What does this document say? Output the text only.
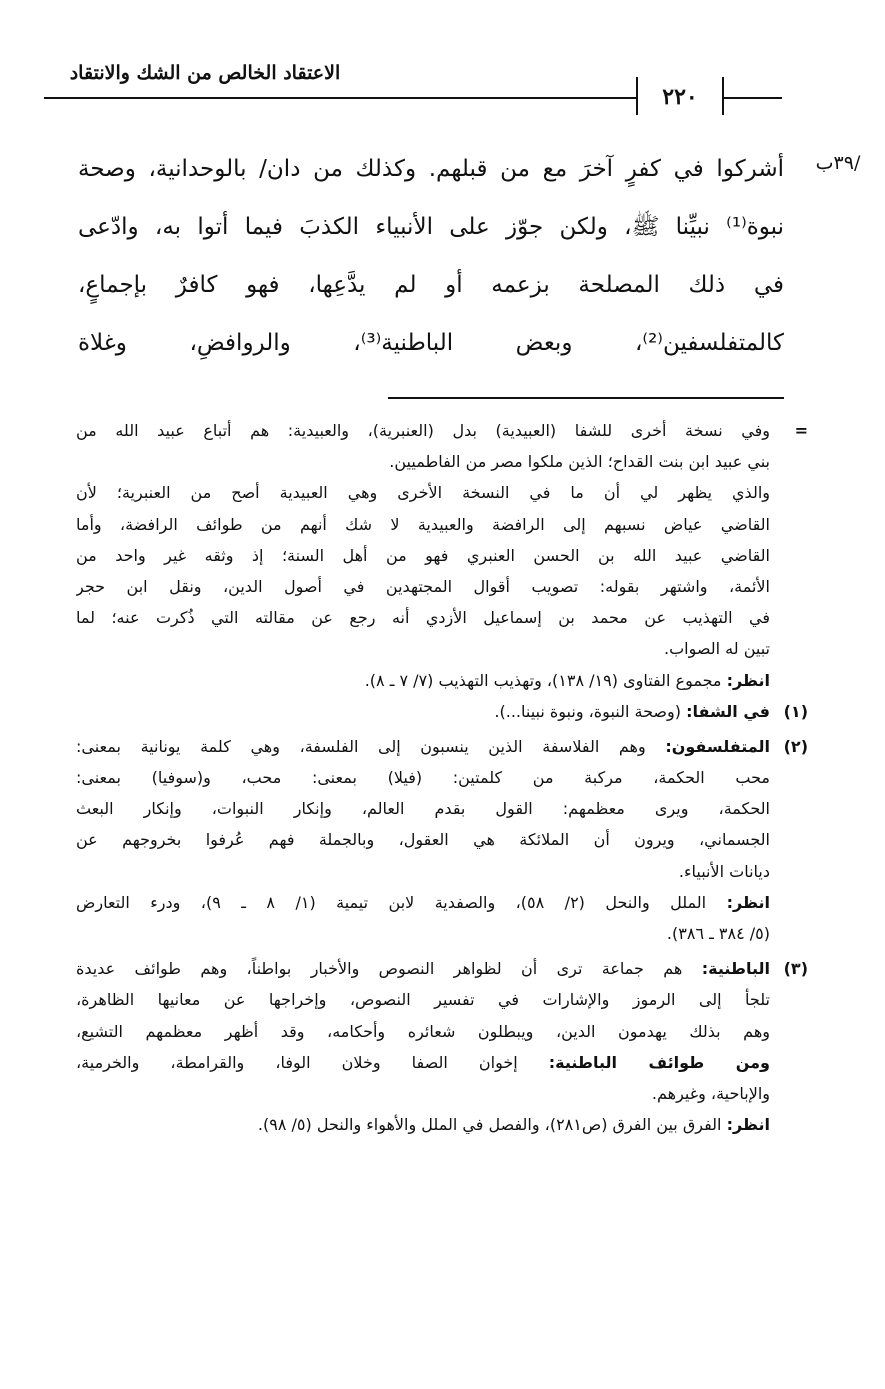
الاعتقاد الخالص من الشك والانتقاد
٢٢٠
/٣٩ب
أشركوا في كفرٍ آخرَ مع من قبلهم. وكذلك من دان/ بالوحدانية، وصحة
نبوة⁽¹⁾ نبيِّنا ﷺ، ولكن جوّز على الأنبياء الكذبَ فيما أتوا به، وادّعى
في ذلك المصلحة بزعمه أو لم يدَّعِها، فهو كافرٌ بإجماعٍ،
كالمتفلسفين⁽²⁾، وبعض الباطنية⁽³⁾، والروافضِ، وغلاة
=
وفي نسخة أخرى للشفا (العبيدية) بدل (العنبرية)، والعبيدية: هم أتباع عبيد الله من
بني عبيد ابن بنت القداح؛ الذين ملكوا مصر من الفاطميين.
والذي يظهر لي أن ما في النسخة الأخرى وهي العبيدية أصح من العنبرية؛ لأن
القاضي عياض نسبهم إلى الرافضة والعبيدية لا شك أنهم من طوائف الرافضة، وأما
القاضي عبيد الله بن الحسن العنبري فهو من أهل السنة؛ إذ وثقه غير واحد من
الأئمة، واشتهر بقوله: تصويب أقوال المجتهدين في أصول الدين، ونقل ابن حجر
في التهذيب عن محمد بن إسماعيل الأزدي أنه رجع عن مقالته التي ذُكرت عنه؛ لما
تبين له الصواب.
انظر: مجموع الفتاوى (١٩/ ١٣٨)، وتهذيب التهذيب (٧/ ٧ ـ ٨).
(١)
في الشفا: (وصحة النبوة، ونبوة نبينا...).
(٢)
المتفلسفون: وهم الفلاسفة الذين ينسبون إلى الفلسفة، وهي كلمة يونانية بمعنى:
محب الحكمة، مركبة من كلمتين: (فيلا) بمعنى: محب، و(سوفيا) بمعنى:
الحكمة، ويرى معظمهم: القول بقدم العالم، وإنكار النبوات، وإنكار البعث
الجسماني، ويرون أن الملائكة هي العقول، وبالجملة فهم عُرفوا بخروجهم عن
ديانات الأنبياء.
انظر: الملل والنحل (٢/ ٥٨)، والصفدية لابن تيمية (١/ ٨ ـ ٩)، ودرء التعارض
(٥/ ٣٨٤ ـ ٣٨٦).
(٣)
الباطنية: هم جماعة ترى أن لظواهر النصوص والأخبار بواطناً، وهم طوائف عديدة
تلجأ إلى الرموز والإشارات في تفسير النصوص، وإخراجها عن معانيها الظاهرة،
وهم بذلك يهدمون الدين، ويبطلون شعائره وأحكامه، وقد أظهر معظمهم التشيع،
ومن طوائف الباطنية: إخوان الصفا وخلان الوفا، والقرامطة، والخرمية،
والإباحية، وغيرهم.
انظر: الفرق بين الفرق (ص٢٨١)، والفصل في الملل والأهواء والنحل (٥/ ٩٨).
